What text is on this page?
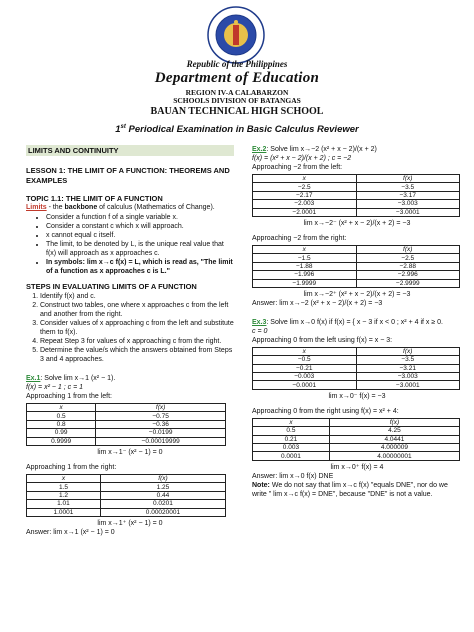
Republic of the Philippines
Department of Education
REGION IV-A CALABARZON
SCHOOLS DIVISION OF BATANGAS
BAUAN TECHNICAL HIGH SCHOOL
1st Periodical Examination in Basic Calculus Reviewer
LIMITS AND CONTINUITY
LESSON 1: THE LIMIT OF A FUNCTION: THEOREMS AND EXAMPLES
TOPIC 1.1: THE LIMIT OF A FUNCTION
Limits - the backbone of calculus (Mathematics of Change).
• Consider a function f of a single variable x.
• Consider a constant c which x will approach.
• x cannot equal c itself.
• The limit, to be denoted by L, is the unique real value that f(x) will approach as x approaches c.
• In symbols: lim x→c f(x) = L, which is read as, "The limit of a function as x approaches c is L."
STEPS IN EVALUATING LIMITS OF A FUNCTION
1. Identify f(x) and c.
2. Construct two tables, one where x approaches c from the left and another from the right.
3. Consider values of x approaching c from the left and substitute them to f(x).
4. Repeat Step 3 for values of x approaching c from the right.
5. Determine the value/s which the answers obtained from Steps 3 and 4 approaches.
Ex.1: Solve lim x→1 (x² − 1).
f(x) = x² − 1 ; c = 1
Approaching 1 from the left:
x	f(x)
0.5	−0.75
0.8	−0.36
0.99	−0.0199
0.9999	−0.00019999
lim x→1⁻ (x² − 1) = 0
Approaching 1 from the right:
x	f(x)
1.5	1.25
1.2	0.44
1.01	0.0201
1.0001	0.00020001
lim x→1⁺ (x² − 1) = 0
Answer: lim x→1 (x² − 1) = 0
Ex.2: Solve lim x→−2 (x² + x − 2)/(x + 2)
f(x) = (x² + x − 2)/(x + 2) ; c = −2
Approaching −2 from the left:
x	f(x)
−2.5	−3.5
−2.17	−3.17
−2.003	−3.003
−2.0001	−3.0001
lim x→−2⁻ (x² + x − 2)/(x + 2) = −3
Approaching −2 from the right:
x	f(x)
−1.5	−2.5
−1.88	−2.88
−1.996	−2.996
−1.9999	−2.9999
lim x→−2⁺ (x² + x − 2)/(x + 2) = −3
Answer: lim x→−2 (x² + x − 2)/(x + 2) = −3
Ex.3: Solve lim x→0 f(x) if f(x) = { x − 3 if x < 0 ; x² + 4 if x ≥ 0.
c = 0
Approaching 0 from the left using f(x) = x − 3:
x	f(x)
−0.5	−3.5
−0.21	−3.21
−0.003	−3.003
−0.0001	−3.0001
lim x→0⁻ f(x) = −3
Approaching 0 from the right using f(x) = x² + 4:
x	f(x)
0.5	4.25
0.21	4.0441
0.003	4.000009
0.0001	4.00000001
lim x→0⁺ f(x) = 4
Answer: lim x→0 f(x) DNE
Note: We do not say that lim x→c f(x) "equals DNE", nor do we write " lim x→c f(x) = DNE", because "DNE" is not a value.
